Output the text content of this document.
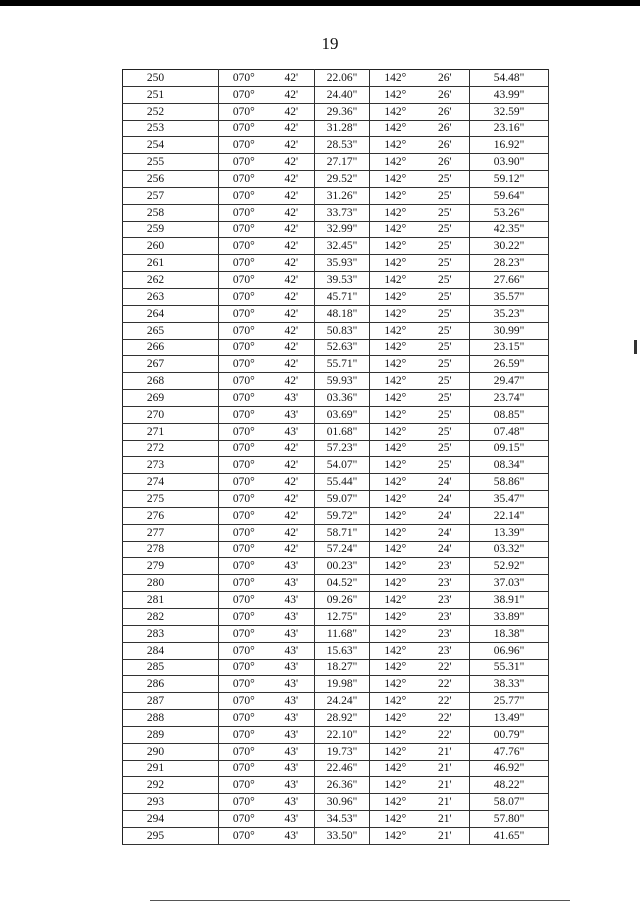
19
250	070°	42'	22.06"	142°	26'	54.48"
251	070°	42'	24.40"	142°	26'	43.99"
252	070°	42'	29.36"	142°	26'	32.59"
253	070°	42'	31.28"	142°	26'	23.16"
254	070°	42'	28.53"	142°	26'	16.92"
255	070°	42'	27.17"	142°	26'	03.90"
256	070°	42'	29.52"	142°	25'	59.12"
257	070°	42'	31.26"	142°	25'	59.64"
258	070°	42'	33.73"	142°	25'	53.26"
259	070°	42'	32.99"	142°	25'	42.35"
260	070°	42'	32.45"	142°	25'	30.22"
261	070°	42'	35.93"	142°	25'	28.23"
262	070°	42'	39.53"	142°	25'	27.66"
263	070°	42'	45.71"	142°	25'	35.57"
264	070°	42'	48.18"	142°	25'	35.23"
265	070°	42'	50.83"	142°	25'	30.99"
266	070°	42'	52.63"	142°	25'	23.15"
267	070°	42'	55.71"	142°	25'	26.59"
268	070°	42'	59.93"	142°	25'	29.47"
269	070°	43'	03.36"	142°	25'	23.74"
270	070°	43'	03.69"	142°	25'	08.85"
271	070°	43'	01.68"	142°	25'	07.48"
272	070°	42'	57.23"	142°	25'	09.15"
273	070°	42'	54.07"	142°	25'	08.34"
274	070°	42'	55.44"	142°	24'	58.86"
275	070°	42'	59.07"	142°	24'	35.47"
276	070°	42'	59.72"	142°	24'	22.14"
277	070°	42'	58.71"	142°	24'	13.39"
278	070°	42'	57.24"	142°	24'	03.32"
279	070°	43'	00.23"	142°	23'	52.92"
280	070°	43'	04.52"	142°	23'	37.03"
281	070°	43'	09.26"	142°	23'	38.91"
282	070°	43'	12.75"	142°	23'	33.89"
283	070°	43'	11.68"	142°	23'	18.38"
284	070°	43'	15.63"	142°	23'	06.96"
285	070°	43'	18.27"	142°	22'	55.31"
286	070°	43'	19.98"	142°	22'	38.33"
287	070°	43'	24.24"	142°	22'	25.77"
288	070°	43'	28.92"	142°	22'	13.49"
289	070°	43'	22.10"	142°	22'	00.79"
290	070°	43'	19.73"	142°	21'	47.76"
291	070°	43'	22.46"	142°	21'	46.92"
292	070°	43'	26.36"	142°	21'	48.22"
293	070°	43'	30.96"	142°	21'	58.07"
294	070°	43'	34.53"	142°	21'	57.80"
295	070°	43'	33.50"	142°	21'	41.65"
